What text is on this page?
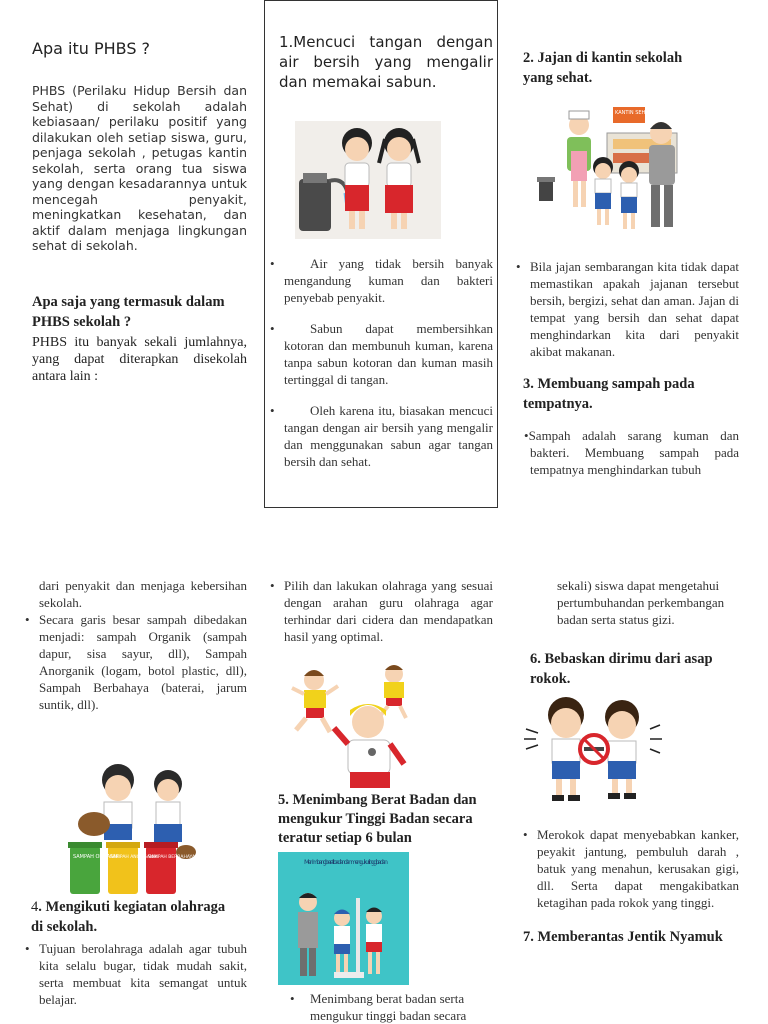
Apa itu PHBS ?
PHBS (Perilaku Hidup Bersih dan Sehat) di sekolah adalah kebiasaan/ perilaku positif yang dilakukan oleh setiap siswa, guru, penjaga sekolah , petugas kantin sekolah, serta orang tua siswa yang dengan kesadarannya untuk mencegah penyakit, meningkatkan kesehatan, dan aktif dalam menjaga lingkungan sehat di sekolah.
Apa saja yang termasuk dalam PHBS sekolah ?
PHBS itu banyak sekali jumlahnya, yang dapat diterapkan disekolah antara lain :
1.Mencuci tangan dengan air bersih yang mengalir dan memakai sabun.
•	Air yang tidak bersih banyak mengandung kuman dan bakteri penyebab penyakit.
•	Sabun dapat membersihkan kotoran dan membunuh kuman, karena tanpa sabun kotoran dan kuman masih tertinggal di tangan.
•	Oleh karena itu, biasakan mencuci tangan dengan air bersih yang mengalir dan menggunakan sabun agar tangan bersih dan sehat.
2. Jajan di kantin sekolah yang sehat.
KANTIN SEHAT
• Bila jajan sembarangan kita tidak dapat memastikan apakah jajanan tersebut bersih, bergizi, sehat dan aman. Jajan di tempat yang bersih dan sehat dapat menghindarkan kita dari penyakit akibat makanan.
3. Membuang sampah pada tempatnya.
•Sampah adalah sarang kuman dan bakteri. Membuang sampah pada tempatnya menghindarkan tubuh
dari penyakit dan menjaga kebersihan sekolah.
• Secara garis besar sampah dibedakan menjadi: sampah Organik (sampah dapur, sisa sayur, dll), Sampah Anorganik (logam, botol plastic, dll), Sampah Berbahaya (baterai, jarum suntik, dll).
SAMPAH ORGANIK
SAMPAH ANORGANIK
SAMPAH BERBAHAYA
4. Mengikuti kegiatan olahraga di sekolah.
• Tujuan berolahraga adalah agar tubuh kita selalu bugar, tidak mudah sakit, serta membuat kita semangat untuk belajar.
• Pilih dan lakukan olahraga yang sesuai dengan arahan guru olahraga agar terhindar dari cidera dan mendapatkan hasil yang optimal.
5. Menimbang Berat Badan dan mengukur Tinggi Badan secara teratur setiap 6 bulan
Menimbang berat badan dan mengukur tinggi badan
• Menimbang berat badan serta mengukur tinggi badan secara
sekali) siswa dapat mengetahui pertumbuhandan perkembangan badan serta status gizi.
6. Bebaskan dirimu dari asap rokok.
• Merokok dapat menyebabkan kanker, peyakit jantung, pembuluh darah , batuk yang menahun, kerusakan gigi, dll. Serta dapat mengakibatkan ketagihan pada rokok yang tinggi.
7. Memberantas Jentik Nyamuk
